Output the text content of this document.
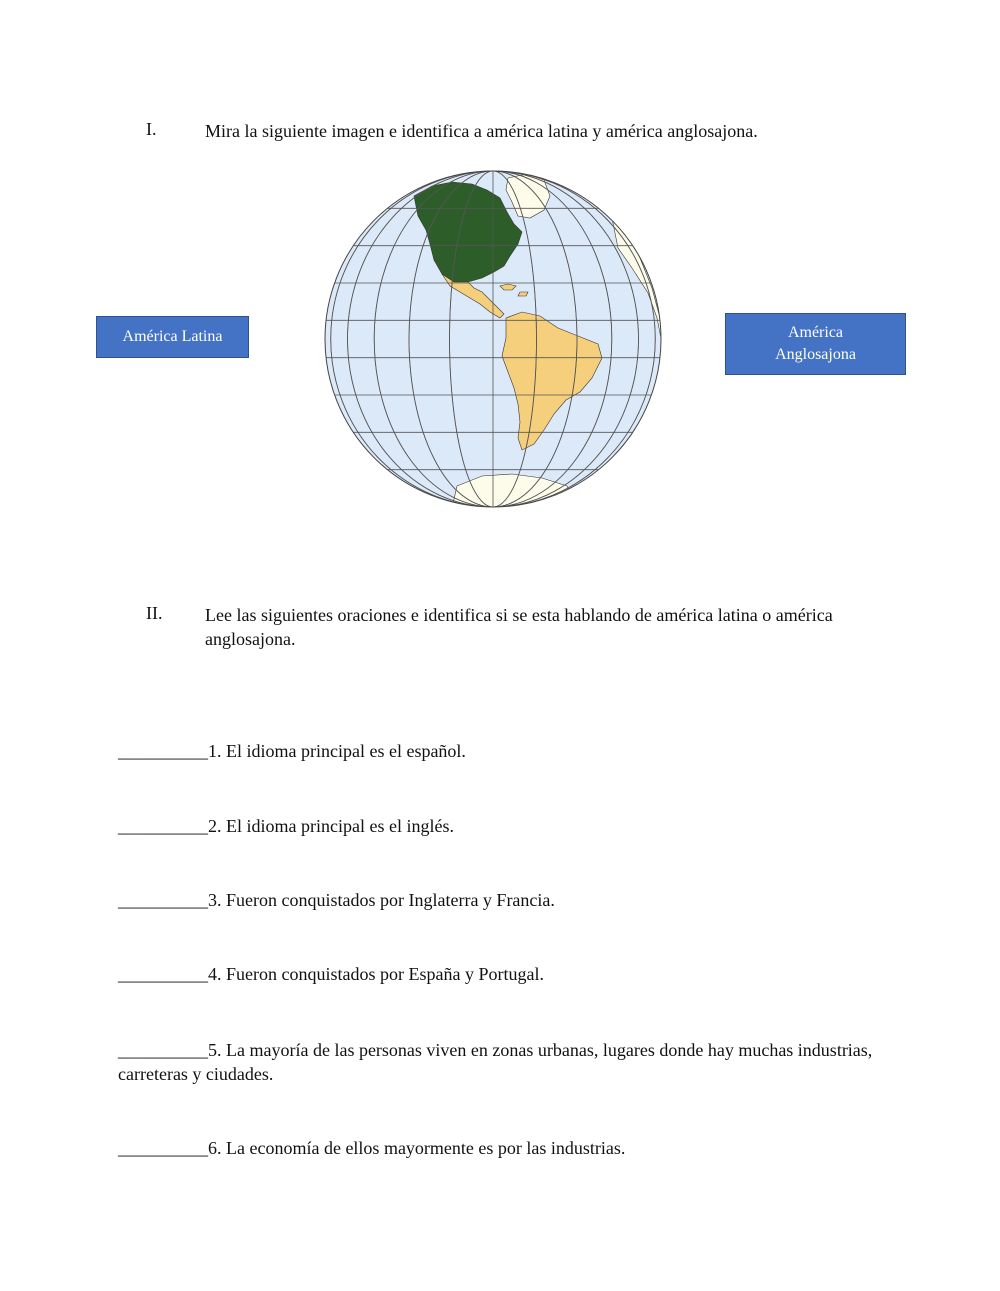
I.	Mira la siguiente imagen e identifica a américa latina y américa anglosajona.
América Latina	América
Anglosajona
II. Lee las siguientes oraciones e identifica si se esta hablando de américa latina o américa anglosajona.
__________1. El idioma principal es el español.
__________2. El idioma principal es el inglés.
__________3. Fueron conquistados por Inglaterra y Francia.
__________4. Fueron conquistados por España y Portugal.
__________5. La mayoría de las personas viven en zonas urbanas, lugares donde hay muchas industrias, carreteras y ciudades.
__________6. La economía de ellos mayormente es por las industrias.
